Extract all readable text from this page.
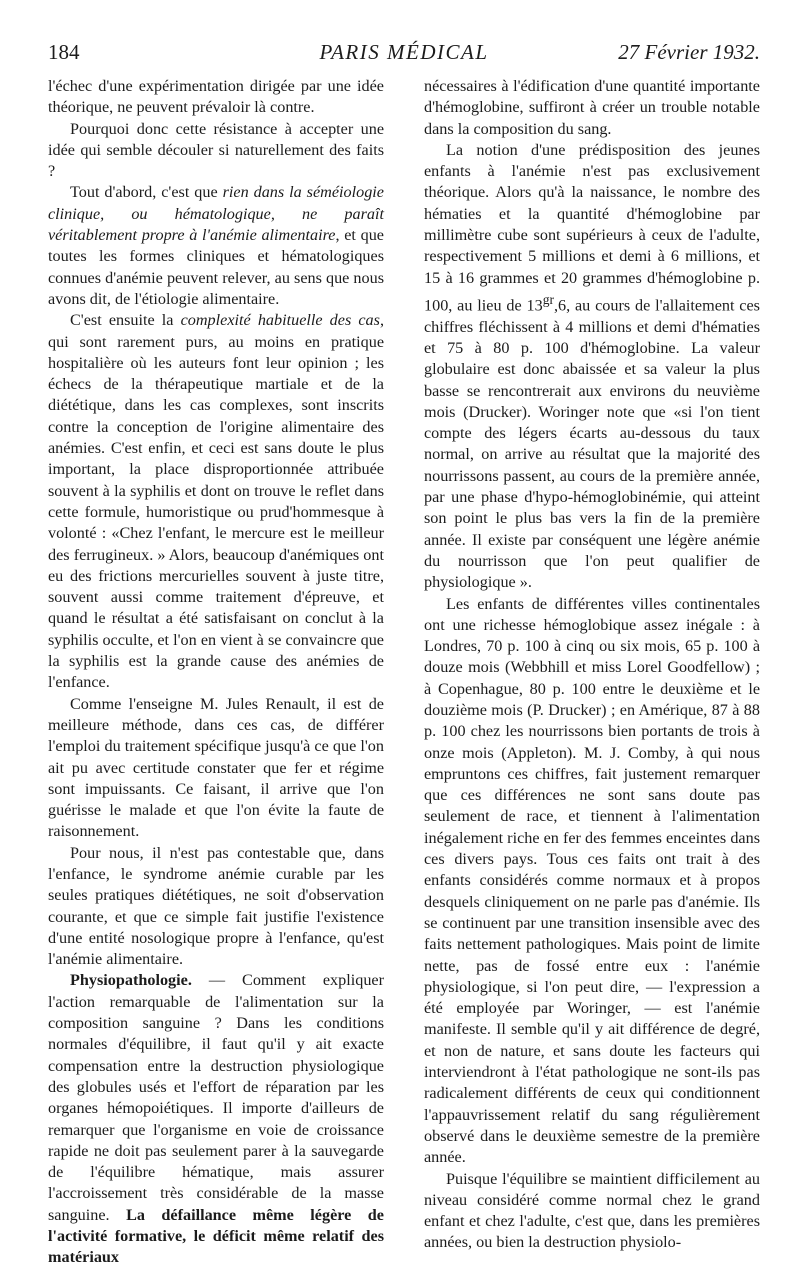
184	PARIS MÉDICAL	27 Février 1932.

l'échec d'une expérimentation dirigée par une idée théorique, ne peuvent prévaloir là contre.

Pourquoi donc cette résistance à accepter une idée qui semble découler si naturellement des faits ?

Tout d'abord, c'est que rien dans la séméiologie clinique, ou hématologique, ne paraît véritablement propre à l'anémie alimentaire, et que toutes les formes cliniques et hématologiques connues d'anémie peuvent relever, au sens que nous avons dit, de l'étiologie alimentaire.

C'est ensuite la complexité habituelle des cas, qui sont rarement purs, au moins en pratique hospitalière où les auteurs font leur opinion ; les échecs de la thérapeutique martiale et de la diététique, dans les cas complexes, sont inscrits contre la conception de l'origine alimentaire des anémies. C'est enfin, et ceci est sans doute le plus important, la place disproportionnée attribuée souvent à la syphilis et dont on trouve le reflet dans cette formule, humoristique ou prud'hommesque à volonté : «Chez l'enfant, le mercure est le meilleur des ferrugineux. » Alors, beaucoup d'anémiques ont eu des frictions mercurielles souvent à juste titre, souvent aussi comme traitement d'épreuve, et quand le résultat a été satisfaisant on conclut à la syphilis occulte, et l'on en vient à se convaincre que la syphilis est la grande cause des anémies de l'enfance.

Comme l'enseigne M. Jules Renault, il est de meilleure méthode, dans ces cas, de différer l'emploi du traitement spécifique jusqu'à ce que l'on ait pu avec certitude constater que fer et régime sont impuissants. Ce faisant, il arrive que l'on guérisse le malade et que l'on évite la faute de raisonnement.

Pour nous, il n'est pas contestable que, dans l'enfance, le syndrome anémie curable par les seules pratiques diététiques, ne soit d'observation courante, et que ce simple fait justifie l'existence d'une entité nosologique propre à l'enfance, qu'est l'anémie alimentaire.

Physiopathologie. — Comment expliquer l'action remarquable de l'alimentation sur la composition sanguine ? Dans les conditions normales d'équilibre, il faut qu'il y ait exacte compensation entre la destruction physiologique des globules usés et l'effort de réparation par les organes hémopoiétiques. Il importe d'ailleurs de remarquer que l'organisme en voie de croissance rapide ne doit pas seulement parer à la sauvegarde de l'équilibre hématique, mais assurer l'accroissement très considérable de la masse sanguine. La défaillance même légère de l'activité formative, le déficit même relatif des matériaux

nécessaires à l'édification d'une quantité importante d'hémoglobine, suffiront à créer un trouble notable dans la composition du sang.

La notion d'une prédisposition des jeunes enfants à l'anémie n'est pas exclusivement théorique. Alors qu'à la naissance, le nombre des hématies et la quantité d'hémoglobine par millimètre cube sont supérieurs à ceux de l'adulte, respectivement 5 millions et demi à 6 millions, et 15 à 16 grammes et 20 grammes d'hémoglobine p. 100, au lieu de $13^{gr},6$, au cours de l'allaitement ces chiffres fléchissent à 4 millions et demi d'hématies et 75 à 80 p. 100 d'hémoglobine. La valeur globulaire est donc abaissée et sa valeur la plus basse se rencontrerait aux environs du neuvième mois (Drucker). Woringer note que «si l'on tient compte des légers écarts au-dessous du taux normal, on arrive au résultat que la majorité des nourrissons passent, au cours de la première année, par une phase d'hypo-hémoglobinémie, qui atteint son point le plus bas vers la fin de la première année. Il existe par conséquent une légère anémie du nourrisson que l'on peut qualifier de physiologique ».

Les enfants de différentes villes continentales ont une richesse hémoglobique assez inégale : à Londres, 70 p. 100 à cinq ou six mois, 65 p. 100 à douze mois (Webbhill et miss Lorel Goodfellow) ; à Copenhague, 80 p. 100 entre le deuxième et le douzième mois (P. Drucker) ; en Amérique, 87 à 88 p. 100 chez les nourrissons bien portants de trois à onze mois (Appleton). M. J. Comby, à qui nous empruntons ces chiffres, fait justement remarquer que ces différences ne sont sans doute pas seulement de race, et tiennent à l'alimentation inégalement riche en fer des femmes enceintes dans ces divers pays. Tous ces faits ont trait à des enfants considérés comme normaux et à propos desquels cliniquement on ne parle pas d'anémie. Ils se continuent par une transition insensible avec des faits nettement pathologiques. Mais point de limite nette, pas de fossé entre eux : l'anémie physiologique, si l'on peut dire, — l'expression a été employée par Woringer, — est l'anémie manifeste. Il semble qu'il y ait différence de degré, et non de nature, et sans doute les facteurs qui interviendront à l'état pathologique ne sont-ils pas radicalement différents de ceux qui conditionnent l'appauvrissement relatif du sang régulièrement observé dans le deuxième semestre de la première année.

Puisque l'équilibre se maintient difficilement au niveau considéré comme normal chez le grand enfant et chez l'adulte, c'est que, dans les premières années, ou bien la destruction physiolo-
